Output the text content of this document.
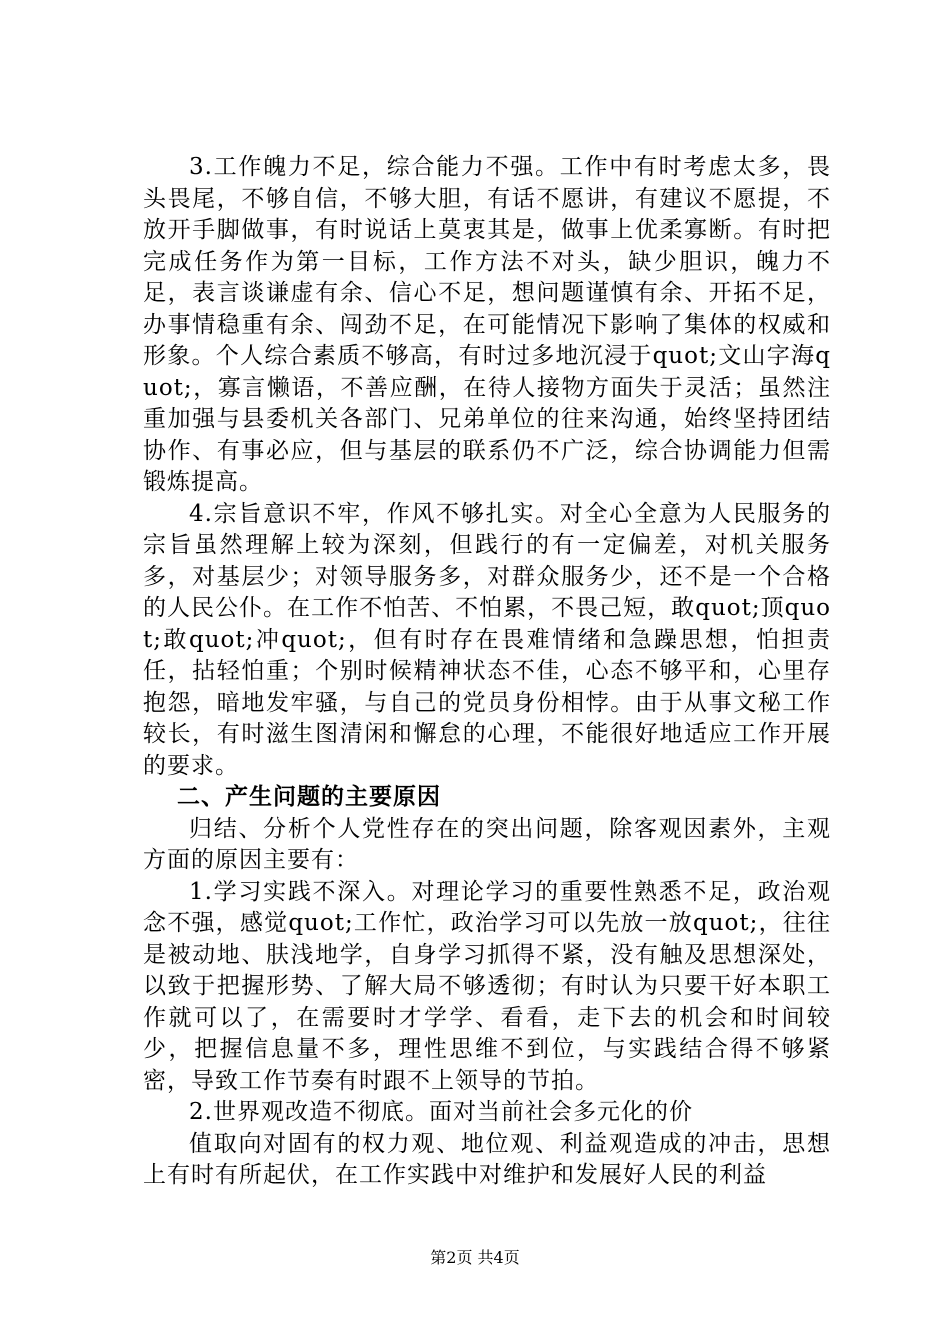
3.工作魄力不足，综合能力不强。工作中有时考虑太多，畏头畏尾，不够自信，不够大胆，有话不愿讲，有建议不愿提，不放开手脚做事，有时说话上莫衷其是，做事上优柔寡断。有时把完成任务作为第一目标，工作方法不对头，缺少胆识，魄力不足，表言谈谦虚有余、信心不足，想问题谨慎有余、开拓不足，办事情稳重有余、闯劲不足，在可能情况下影响了集体的权威和形象。个人综合素质不够高，有时过多地沉浸于quot;文山字海quot;，寡言懒语，不善应酬，在待人接物方面失于灵活；虽然注重加强与县委机关各部门、兄弟单位的往来沟通，始终坚持团结协作、有事必应，但与基层的联系仍不广泛，综合协调能力但需锻炼提高。

4.宗旨意识不牢，作风不够扎实。对全心全意为人民服务的宗旨虽然理解上较为深刻，但践行的有一定偏差，对机关服务多，对基层少；对领导服务多，对群众服务少，还不是一个合格的人民公仆。在工作不怕苦、不怕累，不畏己短，敢quot;顶quot;敢quot;冲quot;，但有时存在畏难情绪和急躁思想，怕担责任，拈轻怕重；个别时候精神状态不佳，心态不够平和，心里存抱怨，暗地发牢骚，与自己的党员身份相悖。由于从事文秘工作较长，有时滋生图清闲和懈怠的心理，不能很好地适应工作开展的要求。

二、产生问题的主要原因

归结、分析个人党性存在的突出问题，除客观因素外，主观方面的原因主要有：

1.学习实践不深入。对理论学习的重要性熟悉不足，政治观念不强，感觉quot;工作忙，政治学习可以先放一放quot;，往往是被动地、肤浅地学，自身学习抓得不紧，没有触及思想深处，以致于把握形势、了解大局不够透彻；有时认为只要干好本职工作就可以了，在需要时才学学、看看，走下去的机会和时间较少，把握信息量不多，理性思维不到位，与实践结合得不够紧密，导致工作节奏有时跟不上领导的节拍。

2.世界观改造不彻底。面对当前社会多元化的价

值取向对固有的权力观、地位观、利益观造成的冲击，思想上有时有所起伏，在工作实践中对维护和发展好人民的利益

第2页 共4页
